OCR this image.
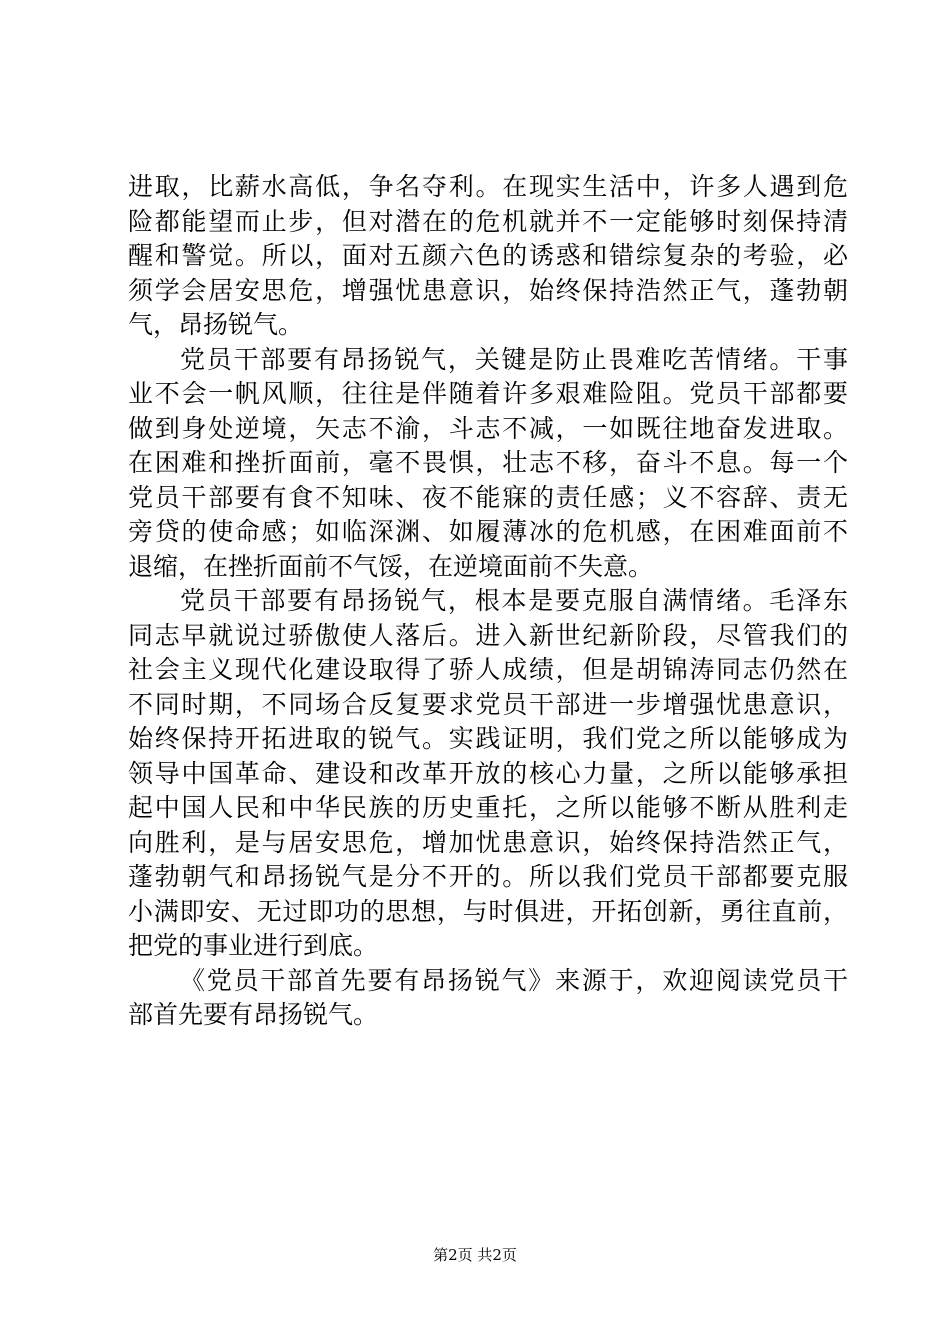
进取，比薪水高低，争名夺利。在现实生活中，许多人遇到危
险都能望而止步，但对潜在的危机就并不一定能够时刻保持清
醒和警觉。所以，面对五颜六色的诱惑和错综复杂的考验，必
须学会居安思危，增强忧患意识，始终保持浩然正气，蓬勃朝
气，昂扬锐气。
党员干部要有昂扬锐气，关键是防止畏难吃苦情绪。干事
业不会一帆风顺，往往是伴随着许多艰难险阻。党员干部都要
做到身处逆境，矢志不渝，斗志不减，一如既往地奋发进取。
在困难和挫折面前，毫不畏惧，壮志不移，奋斗不息。每一个
党员干部要有食不知味、夜不能寐的责任感；义不容辞、责无
旁贷的使命感；如临深渊、如履薄冰的危机感，在困难面前不
退缩，在挫折面前不气馁，在逆境面前不失意。
党员干部要有昂扬锐气，根本是要克服自满情绪。毛泽东
同志早就说过骄傲使人落后。进入新世纪新阶段，尽管我们的
社会主义现代化建设取得了骄人成绩，但是胡锦涛同志仍然在
不同时期，不同场合反复要求党员干部进一步增强忧患意识，
始终保持开拓进取的锐气。实践证明，我们党之所以能够成为
领导中国革命、建设和改革开放的核心力量，之所以能够承担
起中国人民和中华民族的历史重托，之所以能够不断从胜利走
向胜利，是与居安思危，增加忧患意识，始终保持浩然正气，
蓬勃朝气和昂扬锐气是分不开的。所以我们党员干部都要克服
小满即安、无过即功的思想，与时俱进，开拓创新，勇往直前，
把党的事业进行到底。
《党员干部首先要有昂扬锐气》来源于，欢迎阅读党员干
部首先要有昂扬锐气。
第2页 共2页
